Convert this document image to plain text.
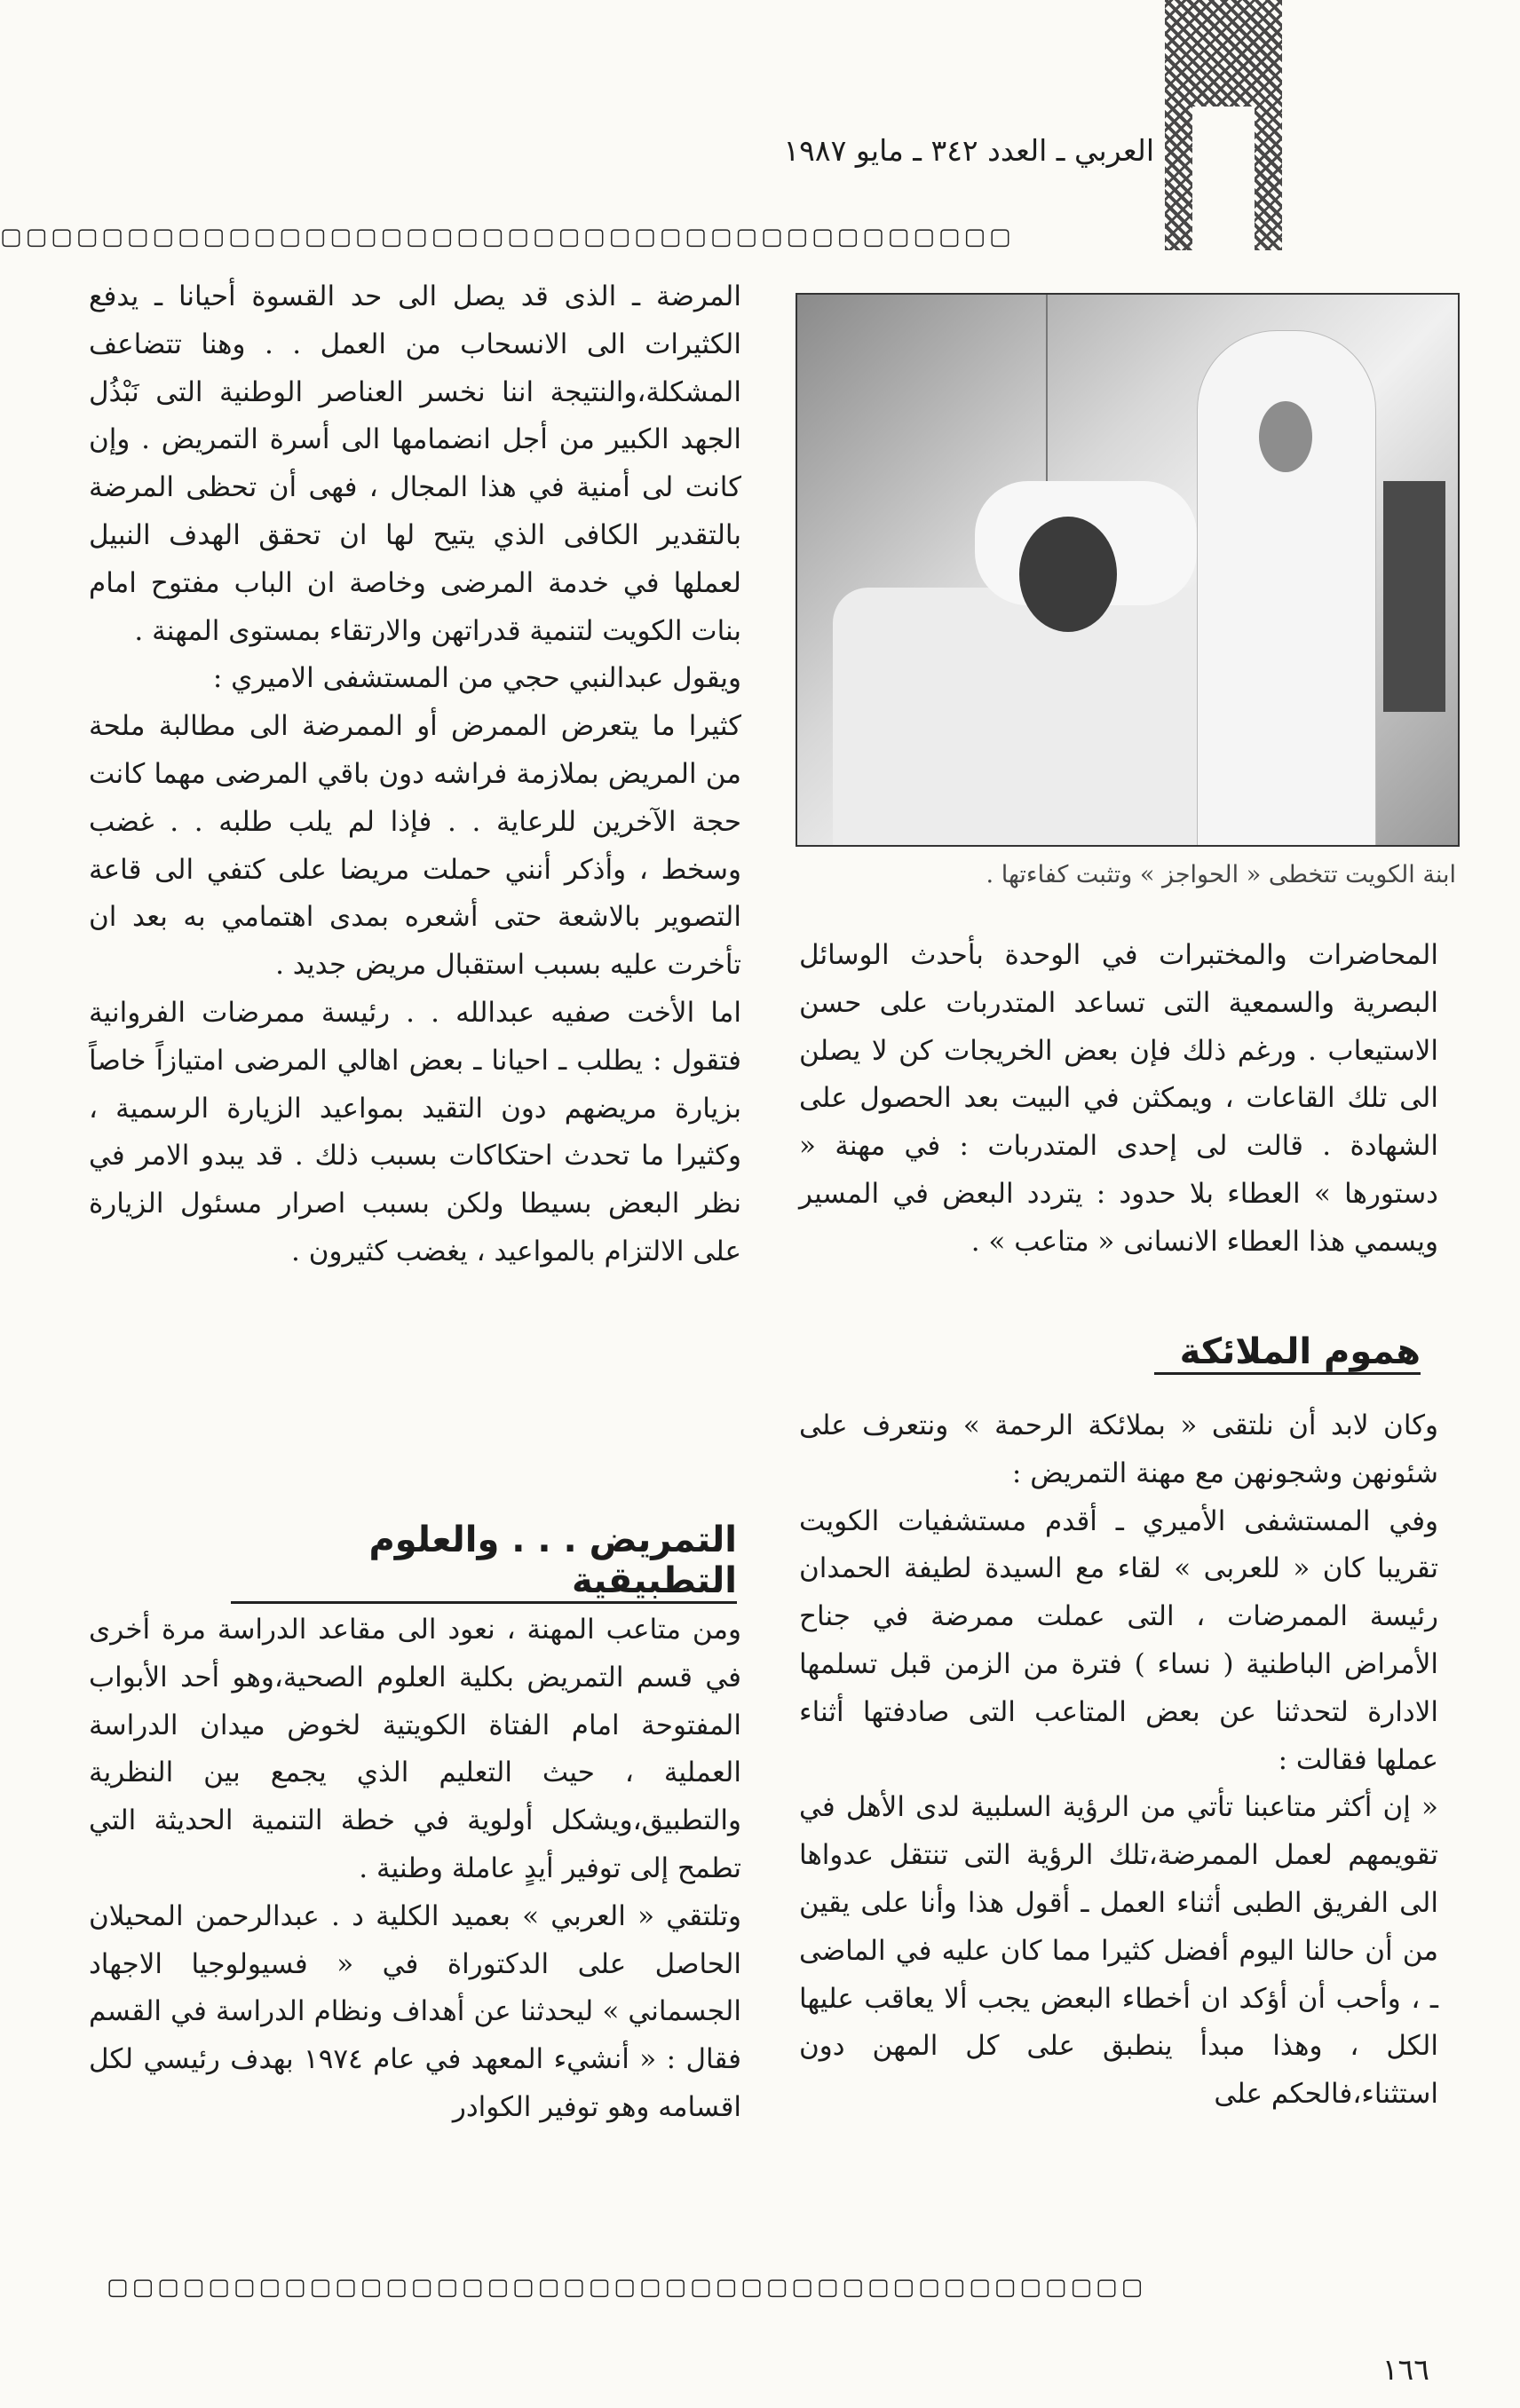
العربي ـ العدد ٣٤٢ ـ مايو ١٩٨٧
▢▢▢▢▢▢▢▢▢▢▢▢▢▢▢▢▢▢▢▢▢▢▢▢▢▢▢▢▢▢▢▢▢▢▢▢▢▢▢▢

المرضة ـ الذى قد يصل الى حد القسوة أحيانا ـ يدفع الكثيرات الى الانسحاب من العمل . . وهنا تتضاعف المشكلة،والنتيجة اننا نخسر العناصر الوطنية التى نَبْذُل الجهد الكبير من أجل انضمامها الى أسرة التمريض . وإن كانت لى أمنية في هذا المجال ، فهى أن تحظى المرضة بالتقدير الكافى الذي يتيح لها ان تحقق الهدف النبيل لعملها في خدمة المرضى وخاصة ان الباب مفتوح امام بنات الكويت لتنمية قدراتهن والارتقاء بمستوى المهنة .

ويقول عبدالنبي حجي من المستشفى الاميري :

كثيرا ما يتعرض الممرض أو الممرضة الى مطالبة ملحة من المريض بملازمة فراشه دون باقي المرضى مهما كانت حجة الآخرين للرعاية . . فإذا لم يلب طلبه . . غضب وسخط ، وأذكر أنني حملت مريضا على كتفي الى قاعة التصوير بالاشعة حتى أشعره بمدى اهتمامي به بعد ان تأخرت عليه بسبب استقبال مريض جديد .

اما الأخت صفيه عبدالله . . رئيسة ممرضات الفروانية فتقول : يطلب ـ احيانا ـ بعض اهالي المرضى امتيازاً خاصاً بزيارة مريضهم دون التقيد بمواعيد الزيارة الرسمية ، وكثيرا ما تحدث احتكاكات بسبب ذلك . قد يبدو الامر في نظر البعض بسيطا ولكن بسبب اصرار مسئول الزيارة على الالتزام بالمواعيد ، يغضب كثيرون .

التمريض . . . والعلوم التطبيقية

ومن متاعب المهنة ، نعود الى مقاعد الدراسة مرة أخرى في قسم التمريض بكلية العلوم الصحية،وهو أحد الأبواب المفتوحة امام الفتاة الكويتية لخوض ميدان الدراسة العملية ، حيث التعليم الذي يجمع بين النظرية والتطبيق،ويشكل أولوية في خطة التنمية الحديثة التي تطمح إلى توفير أيدٍ عاملة وطنية .

وتلتقي « العربي » بعميد الكلية د . عبدالرحمن المحيلان الحاصل على الدكتوراة في « فسيولوجيا الاجهاد الجسماني » ليحدثنا عن أهداف ونظام الدراسة في القسم فقال : « أنشيء المعهد في عام ١٩٧٤ بهدف رئيسي لكل اقسامه وهو توفير الكوادر

ابنة الكويت تتخطى « الحواجز » وتثبت كفاءتها .

المحاضرات والمختبرات في الوحدة بأحدث الوسائل البصرية والسمعية التى تساعد المتدربات على حسن الاستيعاب . ورغم ذلك فإن بعض الخريجات كن لا يصلن الى تلك القاعات ، ويمكثن في البيت بعد الحصول على الشهادة . قالت لى إحدى المتدربات : في مهنة « دستورها » العطاء بلا حدود : يتردد البعض في المسير ويسمي هذا العطاء الانسانى « متاعب » .

هموم الملائكة

وكان لابد أن نلتقى « بملائكة الرحمة » ونتعرف على شئونهن وشجونهن مع مهنة التمريض :

وفي المستشفى الأميري ـ أقدم مستشفيات الكويت تقريبا كان « للعربى » لقاء مع السيدة لطيفة الحمدان رئيسة الممرضات ، التى عملت ممرضة في جناح الأمراض الباطنية ( نساء ) فترة من الزمن قبل تسلمها الادارة لتحدثنا عن بعض المتاعب التى صادفتها أثناء عملها فقالت :

« إن أكثر متاعبنا تأتي من الرؤية السلبية لدى الأهل في تقويمهم لعمل الممرضة،تلك الرؤية التى تنتقل عدواها الى الفريق الطبى أثناء العمل ـ أقول هذا وأنا على يقين من أن حالنا اليوم أفضل كثيرا مما كان عليه في الماضى ـ ، وأحب أن أؤكد ان أخطاء البعض يجب ألا يعاقب عليها الكل ، وهذا مبدأ ينطبق على كل المهن دون استثناء،فالحكم على

▢▢▢▢▢▢▢▢▢▢▢▢▢▢▢▢▢▢▢▢▢▢▢▢▢▢▢▢▢▢▢▢▢▢▢▢▢▢▢▢▢
١٦٦
